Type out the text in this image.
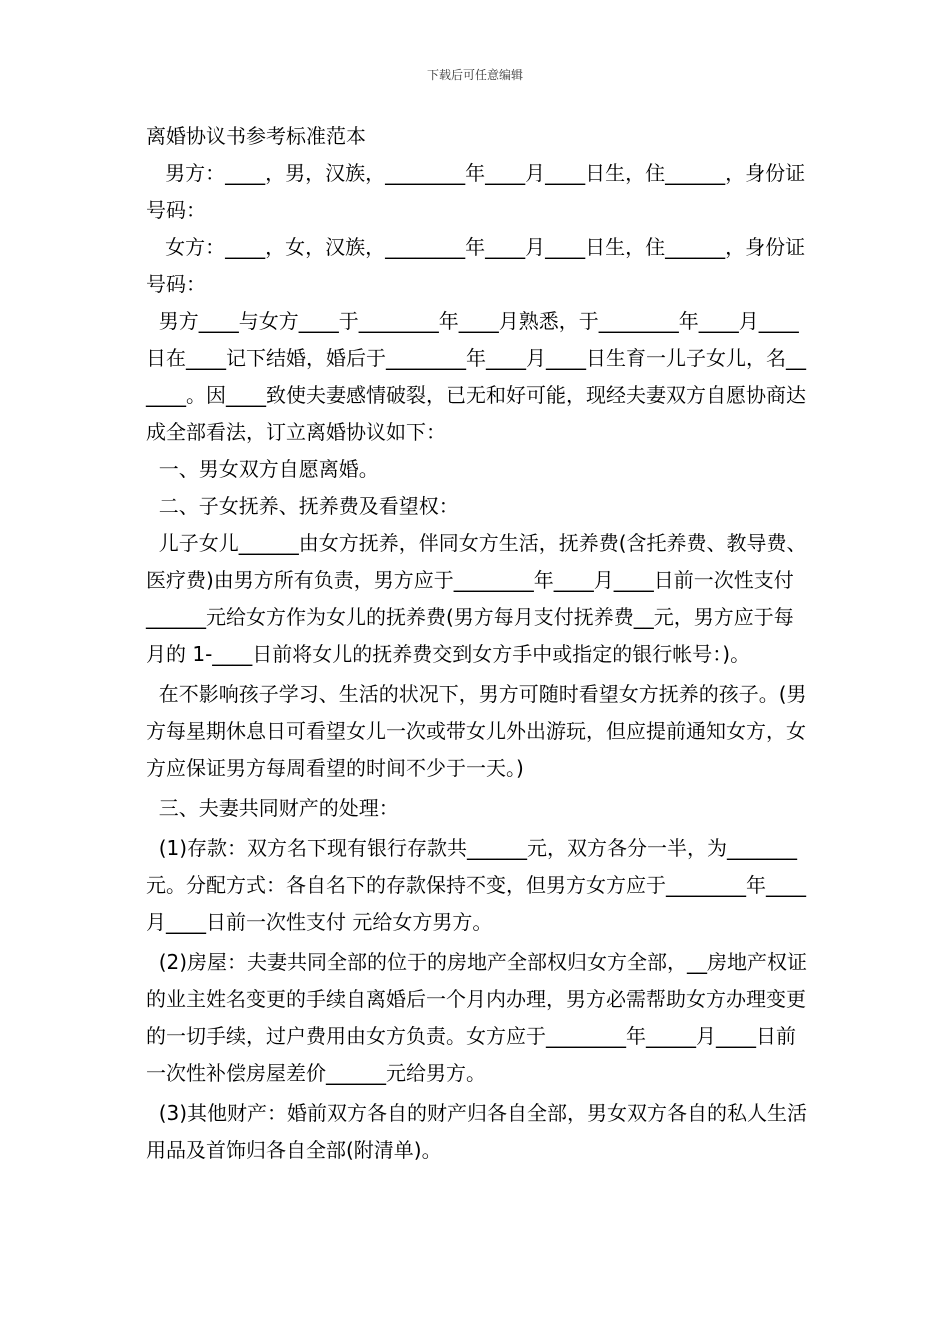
下载后可任意编辑

离婚协议书参考标准范本

男方：____，男，汉族，________年____月____日生，住______，身份证号码：

女方：____，女，汉族，________年____月____日生，住______，身份证号码：

男方____与女方____于________年____月熟悉，于________年____月____日在____记下结婚，婚后于________年____月____日生育一儿子女儿，名______。因____致使夫妻感情破裂，已无和好可能，现经夫妻双方自愿协商达成全部看法，订立离婚协议如下：

一、男女双方自愿离婚。

二、子女抚养、抚养费及看望权：

儿子女儿______由女方抚养，伴同女方生活，抚养费(含托养费、教导费、医疗费)由男方所有负责，男方应于________年____月____日前一次性支付 ______元给女方作为女儿的抚养费(男方每月支付抚养费__元，男方应于每月的 1-____日前将女儿的抚养费交到女方手中或指定的银行帐号：)。

在不影响孩子学习、生活的状况下，男方可随时看望女方抚养的孩子。(男方每星期休息日可看望女儿一次或带女儿外出游玩，但应提前通知女方，女方应保证男方每周看望的时间不少于一天。)

三、夫妻共同财产的处理：

(1)存款：双方名下现有银行存款共______元，双方各分一半，为_______元。分配方式：各自名下的存款保持不变，但男方女方应于________年____月____日前一次性支付 元给女方男方。

(2)房屋：夫妻共同全部的位于的房地产全部权归女方全部，__房地产权证的业主姓名变更的手续自离婚后一个月内办理，男方必需帮助女方办理变更的一切手续，过户费用由女方负责。女方应于________年_____月____日前一次性补偿房屋差价______元给男方。

(3)其他财产：婚前双方各自的财产归各自全部，男女双方各自的私人生活用品及首饰归各自全部(附清单)。
